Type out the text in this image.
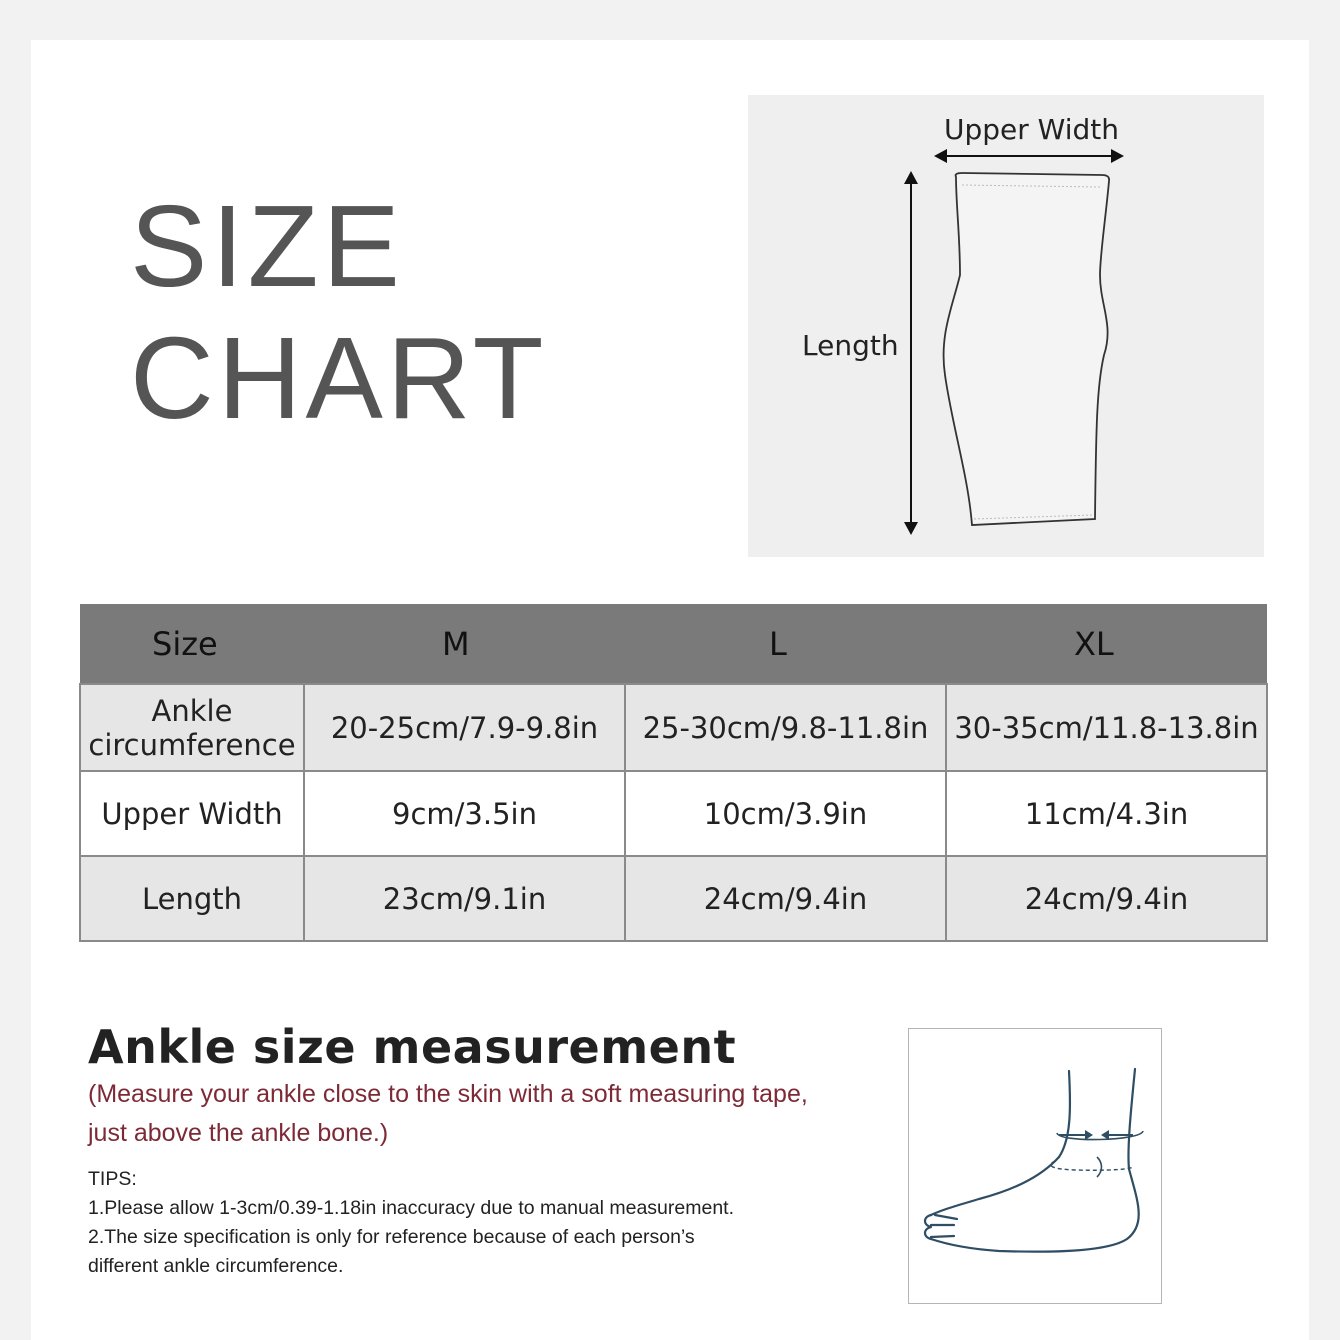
SIZE
CHART
Upper Width
Length
Size	M	L	XL

Ankle
circumference	20-25cm/7.9-9.8in	25-30cm/9.8-11.8in	30-35cm/11.8-13.8in
Upper Width	9cm/3.5in	10cm/3.9in	11cm/4.3in
Length	23cm/9.1in	24cm/9.4in	24cm/9.4in
Ankle size measurement

(Measure your ankle close to the skin with a soft measuring tape,

just above the ankle bone.)

TIPS:

1.Please allow 1-3cm/0.39-1.18in inaccuracy due to manual measurement.

2.The size specification is only for reference because of each person’s

different ankle circumference.
